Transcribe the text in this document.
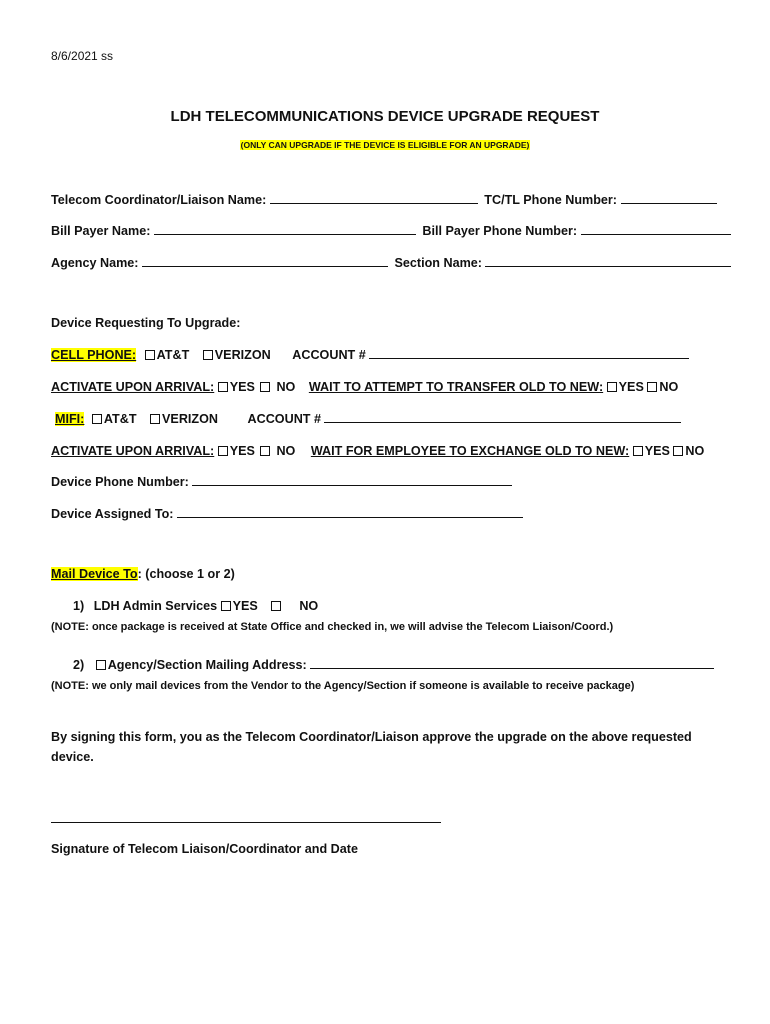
8/6/2021 ss
LDH TELECOMMUNICATIONS DEVICE UPGRADE REQUEST
(ONLY CAN UPGRADE IF THE DEVICE IS ELIGIBLE FOR AN UPGRADE)
Telecom Coordinator/Liaison Name:	TC/TL Phone Number:
Bill Payer Name:	Bill Payer Phone Number:
Agency Name:	Section Name:
Device Requesting To Upgrade:
CELL PHONE: AT&T VERIZON ACCOUNT #
ACTIVATE UPON ARRIVAL: YES NO WAIT TO ATTEMPT TO TRANSFER OLD TO NEW: YES NO
MIFI: AT&T VERIZON ACCOUNT #
ACTIVATE UPON ARRIVAL: YES NO WAIT FOR EMPLOYEE TO EXCHANGE OLD TO NEW: YES NO
Device Phone Number:
Device Assigned To:
Mail Device To: (choose 1 or 2)
1) LDH Admin Services YES	NO
(NOTE: once package is received at State Office and checked in, we will advise the Telecom Liaison/Coord.)
2) Agency/Section Mailing Address:
(NOTE: we only mail devices from the Vendor to the Agency/Section if someone is available to receive package)
By signing this form, you as the Telecom Coordinator/Liaison approve the upgrade on the above requested
device.
Signature of Telecom Liaison/Coordinator and Date
